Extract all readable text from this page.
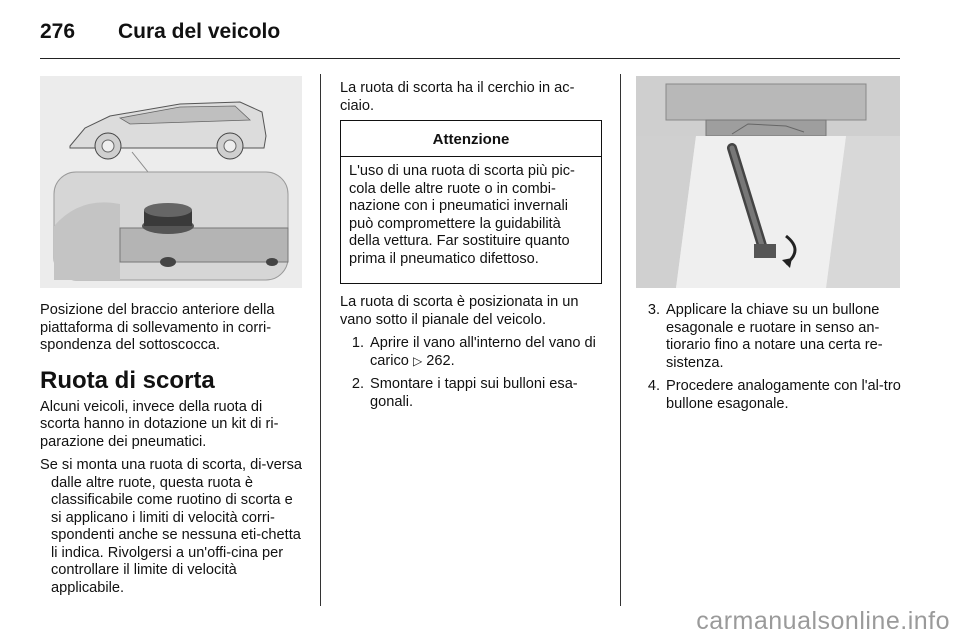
276	Cura del veicolo

Posizione del braccio anteriore della piattaforma di sollevamento in corri-spondenza del sottoscocca.

Ruota di scorta

Alcuni veicoli, invece della ruota di scorta hanno in dotazione un kit di ri-parazione dei pneumatici.

Se si monta una ruota di scorta, di-versa dalle altre ruote, questa ruota è classificabile come ruotino di scorta e si applicano i limiti di velocità corri-spondenti anche se nessuna eti-chetta li indica. Rivolgersi a un'offi-cina per controllare il limite di velocità applicabile.

La ruota di scorta ha il cerchio in ac-ciaio.

Attenzione
L'uso di una ruota di scorta più pic-cola delle altre ruote o in combi-nazione con i pneumatici invernali può compromettere la guidabilità della vettura. Far sostituire quanto prima il pneumatico difettoso.

La ruota di scorta è posizionata in un vano sotto il pianale del veicolo.

1. Aprire il vano all'interno del vano di carico ▷ 262.
2. Smontare i tappi sui bulloni esa-gonali.
3. Applicare la chiave su un bullone esagonale e ruotare in senso an-tiorario fino a notare una certa re-sistenza.
4. Procedere analogamente con l'al-tro bullone esagonale.
carmanualsonline.info
